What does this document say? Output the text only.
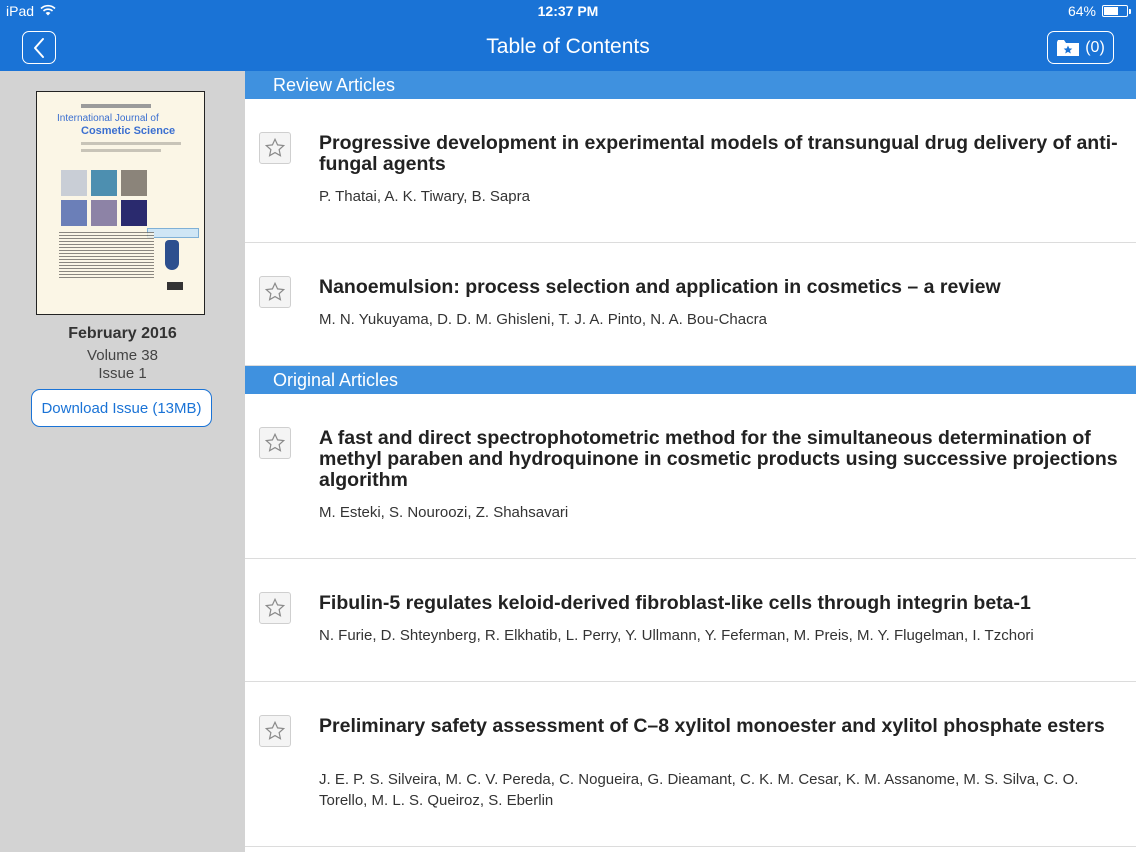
iPad	12:37 PM	64%
Table of Contents	(0)
International Journal of
Cosmetic Science
February 2016
Volume 38
Issue 1
Download Issue (13MB)
Review Articles
Progressive development in experimental models of transungual drug delivery of anti-fungal agents
P. Thatai, A. K. Tiwary, B. Sapra
Nanoemulsion: process selection and application in cosmetics – a review
M. N. Yukuyama, D. D. M. Ghisleni, T. J. A. Pinto, N. A. Bou-Chacra
Original Articles
A fast and direct spectrophotometric method for the simultaneous determination of methyl paraben and hydroquinone in cosmetic products using successive projections algorithm
M. Esteki, S. Nouroozi, Z. Shahsavari
Fibulin-5 regulates keloid-derived fibroblast-like cells through integrin beta-1
N. Furie, D. Shteynberg, R. Elkhatib, L. Perry, Y. Ullmann, Y. Feferman, M. Preis, M. Y. Flugelman, I. Tzchori
Preliminary safety assessment of C–8 xylitol monoester and xylitol phosphate esters
J. E. P. S. Silveira, M. C. V. Pereda, C. Nogueira, G. Dieamant, C. K. M. Cesar, K. M. Assanome, M. S. Silva, C. O. Torello, M. L. S. Queiroz, S. Eberlin
